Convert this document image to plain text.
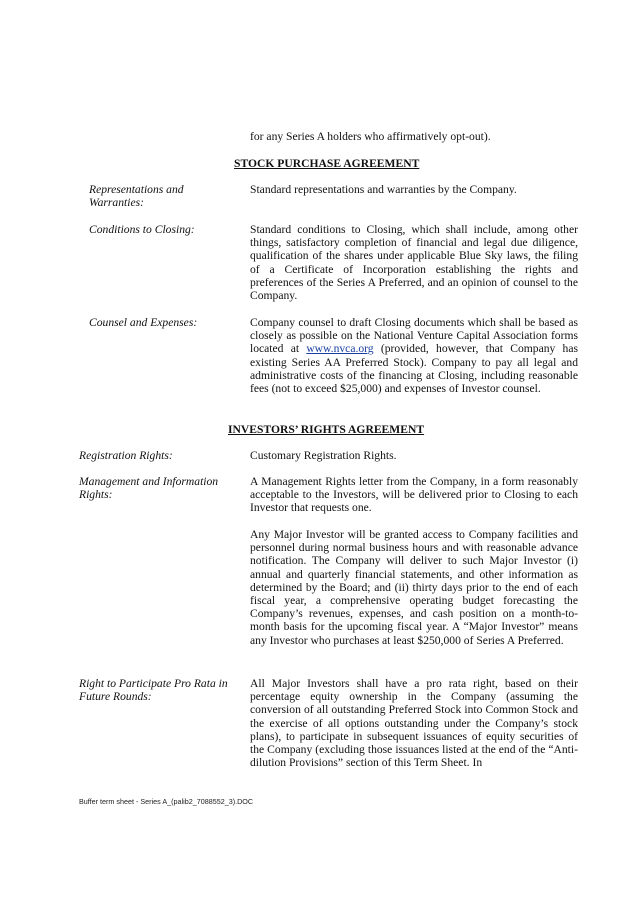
for any Series A holders who affirmatively opt-out).
STOCK PURCHASE AGREEMENT
Representations and Warranties:

Standard representations and warranties by the Company.

Conditions to Closing:	Standard conditions to Closing, which shall include, among other things, satisfactory completion of financial and legal due diligence, qualification of the shares under applicable Blue Sky laws, the filing of a Certificate of Incorporation establishing the rights and preferences of the Series A Preferred, and an opinion of counsel to the Company.

Counsel and Expenses:	Company counsel to draft Closing documents which shall be based as closely as possible on the National Venture Capital Association forms located at www.nvca.org (provided, however, that Company has existing Series AA Preferred Stock). Company to pay all legal and administrative costs of the financing at Closing, including reasonable fees (not to exceed $25,000) and expenses of Investor counsel.

INVESTORS’ RIGHTS AGREEMENT
Registration Rights:	Customary Registration Rights.

Management and Information Rights:

A Management Rights letter from the Company, in a form reasonably acceptable to the Investors, will be delivered prior to Closing to each Investor that requests one.

Any Major Investor will be granted access to Company facilities and personnel during normal business hours and with reasonable advance notification. The Company will deliver to such Major Investor (i) annual and quarterly financial statements, and other information as determined by the Board; and (ii) thirty days prior to the end of each fiscal year, a comprehensive operating budget forecasting the Company’s revenues, expenses, and cash position on a month-to-month basis for the upcoming fiscal year. A “Major Investor” means any Investor who purchases at least $250,000 of Series A Preferred.

Right to Participate Pro Rata in Future Rounds:

All Major Investors shall have a pro rata right, based on their percentage equity ownership in the Company (assuming the conversion of all outstanding Preferred Stock into Common Stock and the exercise of all options outstanding under the Company’s stock plans), to participate in subsequent issuances of equity securities of the Company (excluding those issuances listed at the end of the “Anti-dilution Provisions” section of this Term Sheet. In

Buffer term sheet - Series A_(palib2_7088552_3).DOC
